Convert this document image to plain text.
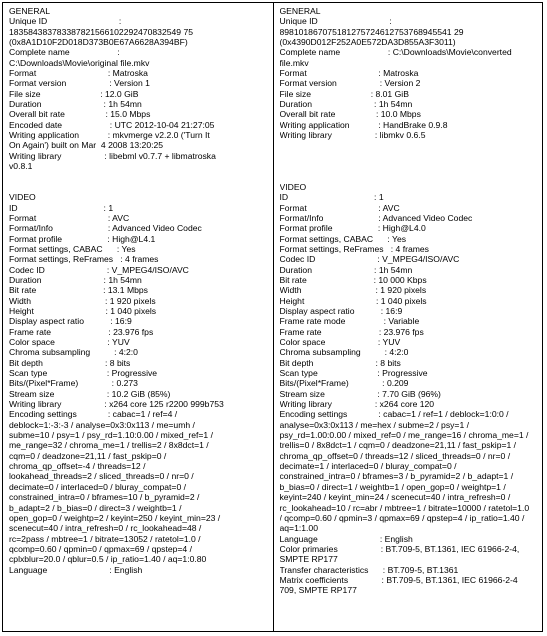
GENERAL
Unique ID                              :
183584383783387821566102292470832549 75
(0x8A1D10F2D018D373B0E67A6628A394BF)
Complete name                    :
C:\Downloads\Movie\original file.mkv
Format                              : Matroska
Format version                  : Version 1
File size                         : 12.0 GiB
Duration                          : 1h 54mn
Overall bit rate                 : 15.0 Mbps
Encoded date                    : UTC 2012-10-04 21:27:05
Writing application            : mkvmerge v2.2.0 ('Turn It
On Again') built on Mar  4 2008 13:20:25
Writing library                  : libebml v0.7.7 + libmatroska
v0.8.1
VIDEO
ID                                    : 1
Format                              : AVC
Format/Info                       : Advanced Video Codec
Format profile                   : High@L4.1
Format settings, CABAC      : Yes
Format settings, ReFrames   : 4 frames
Codec ID                          : V_MPEG4/ISO/AVC
Duration                          : 1h 54mn
Bit rate                            : 13.1 Mbps
Width                               : 1 920 pixels
Height                              : 1 040 pixels
Display aspect ratio           : 16:9
Frame rate                        : 23.976 fps
Color space                      : YUV
Chroma subsampling          : 4:2:0
Bit depth                          : 8 bits
Scan type                         : Progressive
Bits/(Pixel*Frame)              : 0.273
Stream size                      : 10.2 GiB (85%)
Writing library                  : x264 core 125 r2200 999b753
Encoding settings             : cabac=1 / ref=4 /
deblock=1:-3:-3 / analyse=0x3:0x113 / me=umh /
subme=10 / psy=1 / psy_rd=1.10:0.00 / mixed_ref=1 /
me_range=32 / chroma_me=1 / trellis=2 / 8x8dct=1 /
cqm=0 / deadzone=21,11 / fast_pskip=0 /
chroma_qp_offset=-4 / threads=12 /
lookahead_threads=2 / sliced_threads=0 / nr=0 /
decimate=0 / interlaced=0 / bluray_compat=0 /
constrained_intra=0 / bframes=10 / b_pyramid=2 /
b_adapt=2 / b_bias=0 / direct=3 / weightb=1 /
open_gop=0 / weightp=2 / keyint=250 / keyint_min=23 /
scenecut=40 / intra_refresh=0 / rc_lookahead=48 /
rc=2pass / mbtree=1 / bitrate=13052 / ratetol=1.0 /
qcomp=0.60 / qpmin=0 / qpmax=69 / qpstep=4 /
cplxblur=20.0 / qblur=0.5 / ip_ratio=1.40 / aq=1:0.80
Language                          : English
GENERAL
Unique ID                              :
898101867075181275724612753768945541 29
(0x4390D012F252A0E572DA3D855A3F3011)
Complete name                    : C:\Downloads\Movie\converted
file.mkv
Format                              : Matroska
Format version                  : Version 2
File size                         : 8.01 GiB
Duration                          : 1h 54mn
Overall bit rate                 : 10.0 Mbps
Writing application            : HandBrake 0.9.8
Writing library                  : libmkv 0.6.5
VIDEO
ID                                    : 1
Format                              : AVC
Format/Info                       : Advanced Video Codec
Format profile                   : High@L4.0
Format settings, CABAC      : Yes
Format settings, ReFrames   : 4 frames
Codec ID                          : V_MPEG4/ISO/AVC
Duration                          : 1h 54mn
Bit rate                            : 10 000 Kbps
Width                               : 1 920 pixels
Height                              : 1 040 pixels
Display aspect ratio           : 16:9
Frame rate mode                : Variable
Frame rate                        : 23.976 fps
Color space                      : YUV
Chroma subsampling          : 4:2:0
Bit depth                          : 8 bits
Scan type                         : Progressive
Bits/(Pixel*Frame)              : 0.209
Stream size                      : 7.70 GiB (96%)
Writing library                  : x264 core 120
Encoding settings             : cabac=1 / ref=1 / deblock=1:0:0 /
analyse=0x3:0x113 / me=hex / subme=2 / psy=1 /
psy_rd=1.00:0.00 / mixed_ref=0 / me_range=16 / chroma_me=1 /
trellis=0 / 8x8dct=1 / cqm=0 / deadzone=21,11 / fast_pskip=1 /
chroma_qp_offset=0 / threads=12 / sliced_threads=0 / nr=0 /
decimate=1 / interlaced=0 / bluray_compat=0 /
constrained_intra=0 / bframes=3 / b_pyramid=2 / b_adapt=1 /
b_bias=0 / direct=1 / weightb=1 / open_gop=0 / weightp=1 /
keyint=240 / keyint_min=24 / scenecut=40 / intra_refresh=0 /
rc_lookahead=10 / rc=abr / mbtree=1 / bitrate=10000 / ratetol=1.0
/ qcomp=0.60 / qpmin=3 / qpmax=69 / qpstep=4 / ip_ratio=1.40 /
aq=1:1.00
Language                          : English
Color primaries                  : BT.709-5, BT.1361, IEC 61966-2-4,
SMPTE RP177
Transfer characteristics      : BT.709-5, BT.1361
Matrix coefficients              : BT.709-5, BT.1361, IEC 61966-2-4
709, SMPTE RP177
